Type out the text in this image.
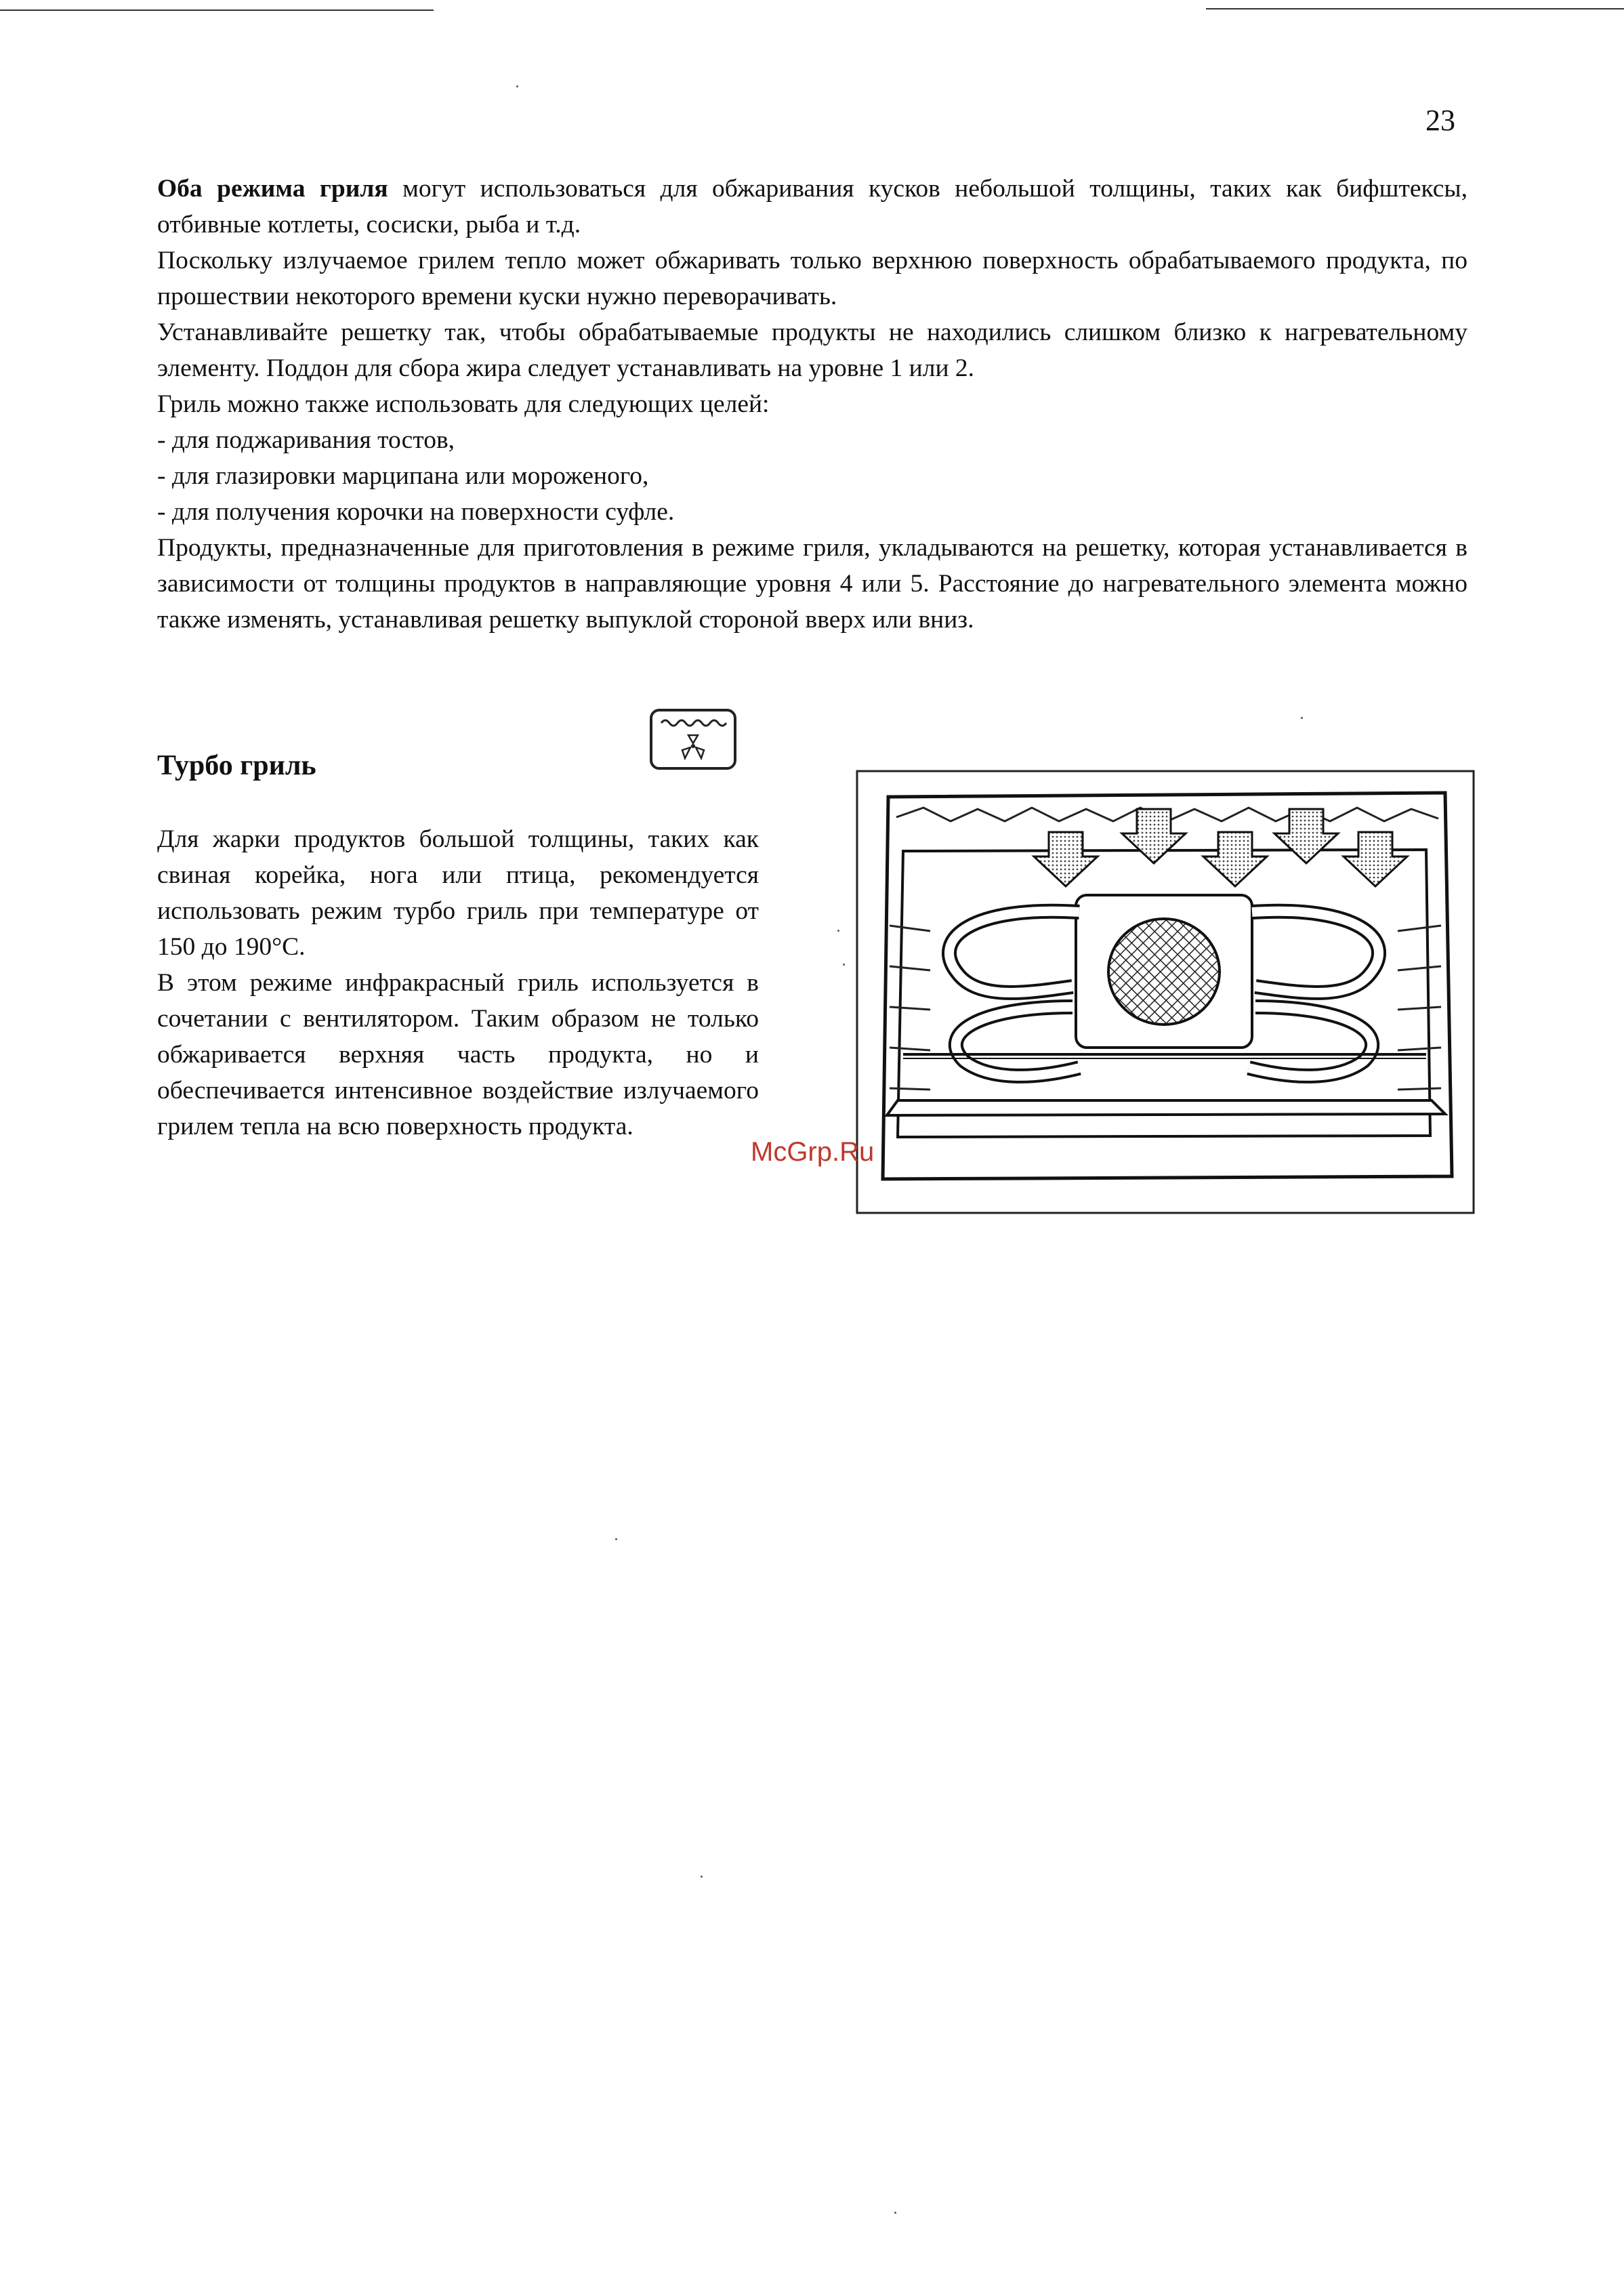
23

Оба режима гриля могут использоваться для обжаривания кусков небольшой толщины, таких как бифштексы, отбивные котлеты, сосиски, рыба и т.д.

Поскольку излучаемое грилем тепло может обжаривать только верхнюю поверхность обрабатываемого продукта, по прошествии некоторого времени куски нужно переворачивать.

Устанавливайте решетку так, чтобы обрабатываемые продукты не находились слишком близко к нагревательному элементу. Поддон для сбора жира следует устанавливать на уровне 1 или 2.

Гриль можно также использовать для следующих целей:

- для поджаривания тостов,
- для глазировки марципана или мороженого,
- для получения корочки на поверхности суфле.

Продукты, предназначенные для приготовления в режиме гриля, укладываются на решетку, которая устанавливается в зависимости от толщины продуктов в направляющие уровня 4 или 5. Расстояние до нагревательного элемента можно также изменять, устанавливая решетку выпуклой стороной вверх или вниз.

Турбо гриль

Для жарки продуктов большой толщины, таких как свиная корейка, нога или птица, рекомендуется использовать режим турбо гриль при температуре от 150 до 190°C.

В этом режиме инфракрасный гриль используется в сочетании с вентилятором. Таким образом не только обжаривается верхняя часть продукта, но и обеспечивается интенсивное воздействие излучаемого грилем тепла на всю поверхность продукта.

McGrp.Ru
